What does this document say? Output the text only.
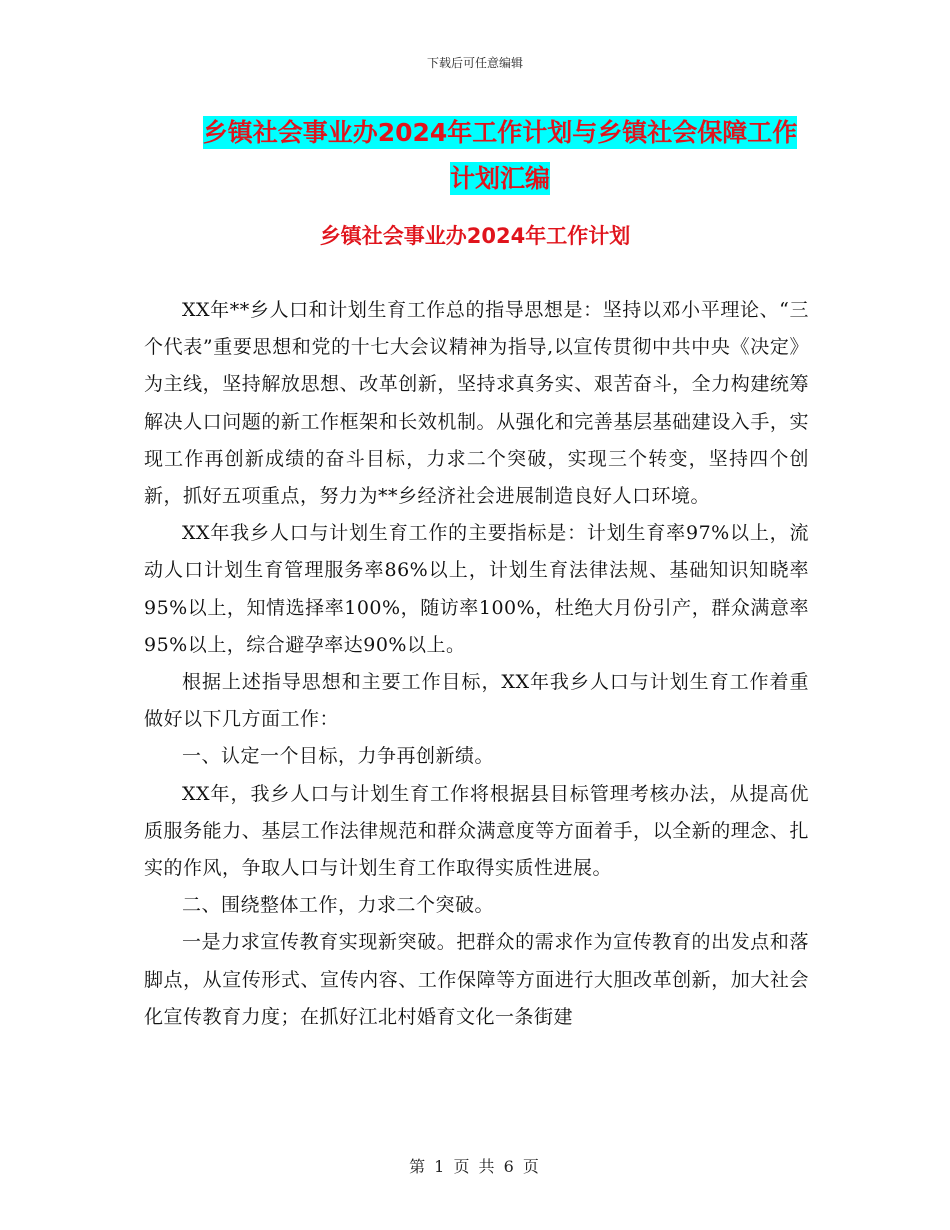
下载后可任意编辑
乡镇社会事业办2024年工作计划与乡镇社会保障工作
计划汇编
乡镇社会事业办2024年工作计划

XX年**乡人口和计划生育工作总的指导思想是：坚持以邓小平理论、“三个代表”重要思想和党的十七大会议精神为指导,以宣传贯彻中共中央《决定》为主线，坚持解放思想、改革创新，坚持求真务实、艰苦奋斗，全力构建统筹解决人口问题的新工作框架和长效机制。从强化和完善基层基础建设入手，实现工作再创新成绩的奋斗目标，力求二个突破，实现三个转变，坚持四个创新，抓好五项重点，努力为**乡经济社会进展制造良好人口环境。

XX年我乡人口与计划生育工作的主要指标是：计划生育率97%以上，流动人口计划生育管理服务率86%以上，计划生育法律法规、基础知识知晓率95%以上，知情选择率100%，随访率100%，杜绝大月份引产，群众满意率95%以上，综合避孕率达90%以上。

根据上述指导思想和主要工作目标，XX年我乡人口与计划生育工作着重做好以下几方面工作：

一、认定一个目标，力争再创新绩。

XX年，我乡人口与计划生育工作将根据县目标管理考核办法，从提高优质服务能力、基层工作法律规范和群众满意度等方面着手，以全新的理念、扎实的作风，争取人口与计划生育工作取得实质性进展。

二、围绕整体工作，力求二个突破。

一是力求宣传教育实现新突破。把群众的需求作为宣传教育的出发点和落脚点，从宣传形式、宣传内容、工作保障等方面进行大胆改革创新，加大社会化宣传教育力度；在抓好江北村婚育文化一条街建

第 1 页 共 6 页
